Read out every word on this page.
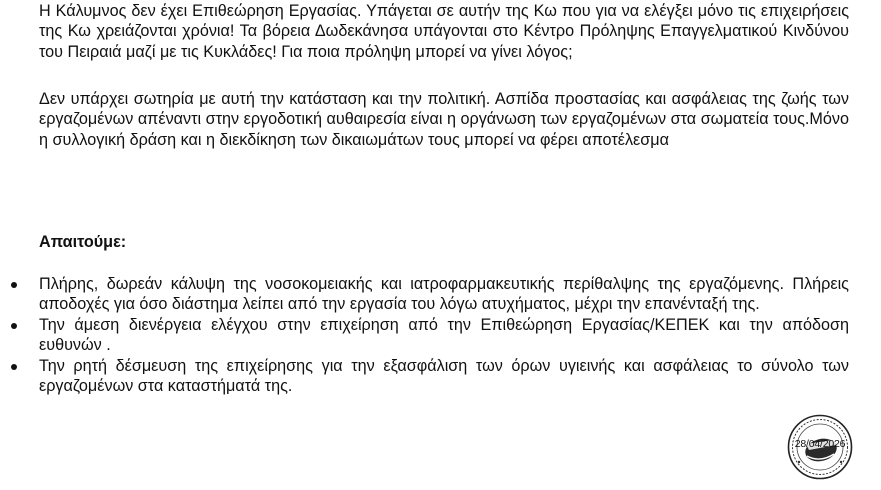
Η Κάλυμνος δεν έχει Επιθεώρηση Εργασίας. Υπάγεται σε αυτήν της Κω που για να ελέγξει μόνο τις επιχειρήσεις της Κω χρειάζονται χρόνια! Τα βόρεια Δωδεκάνησα υπάγονται στο Κέντρο Πρόληψης Επαγγελματικού Κινδύνου του Πειραιά μαζί με τις Κυκλάδες! Για ποια πρόληψη μπορεί να γίνει λόγος;

Δεν υπάρχει σωτηρία με αυτή την κατάσταση και την πολιτική. Ασπίδα προστασίας και ασφάλειας της ζωής των εργαζομένων απέναντι στην εργοδοτική αυθαιρεσία είναι η οργάνωση των εργαζομένων στα σωματεία τους.Μόνο η συλλογική δράση και η διεκδίκηση των δικαιωμάτων τους μπορεί να φέρει αποτέλεσμα

Απαιτούμε:

Πλήρης, δωρεάν κάλυψη της νοσοκομειακής και ιατροφαρμακευτικής περίθαλψης της εργαζόμενης. Πλήρεις αποδοχές για όσο διάστημα λείπει από την εργασία του λόγω ατυχήματος, μέχρι την επανένταξή της.
Την άμεση διενέργεια ελέγχου στην επιχείρηση από την Επιθεώρηση Εργασίας/ΚΕΠΕΚ και την απόδοση ευθυνών .
Την ρητή δέσμευση της επιχείρησης για την εξασφάλιση των όρων υγιεινής και ασφάλειας το σύνολο των εργαζομένων στα καταστήματά της.
28/04/2026
